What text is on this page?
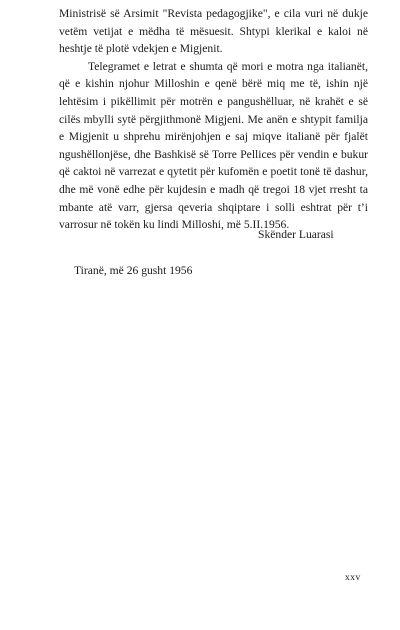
Ministrisë së Arsimit "Revista pedagogjike", e cila vuri në dukje vetëm vetijat e mëdha të mësuesit. Shtypi klerikal e kaloi në heshtje të plotë vdekjen e Migjenit.

Telegramet e letrat e shumta që mori e motra nga italianët, që e kishin njohur Milloshin e qenë bërë miq me të, ishin një lehtësim i pikëllimit për motrën e pangushëlluar, në krahët e së cilës mbylli sytë përgjithmonë Migjeni. Me anën e shtypit familja e Migjenit u shprehu mirënjohjen e saj miqve italianë për fjalët ngushëllonjëse, dhe Bashkisë së Torre Pellices për vendin e bukur që caktoi në varrezat e qytetit për kufomën e poetit tonë të dashur, dhe më vonë edhe për kujdesin e madh që tregoi 18 vjet rresht ta mbante atë varr, gjersa qeveria shqiptare i solli eshtrat për t’i varrosur në tokën ku lindi Milloshi, më 5.II.1956.

Skënder Luarasi
Tiranë, më 26 gusht 1956
xxv
